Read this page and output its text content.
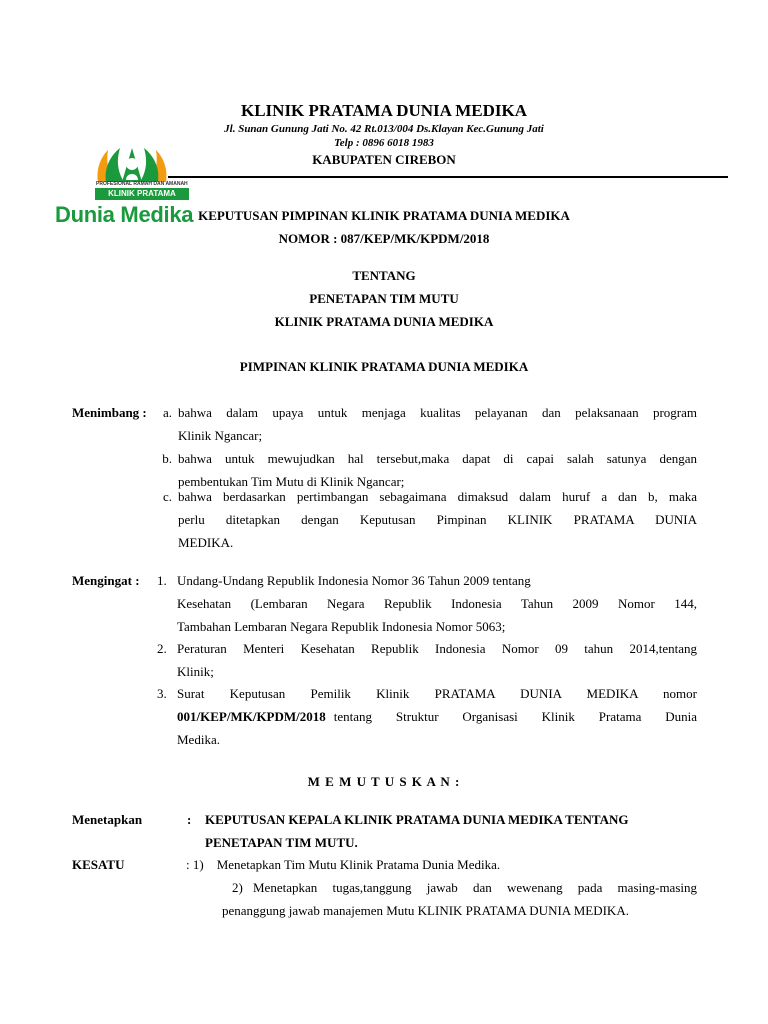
KLINIK PRATAMA DUNIA MEDIKA
Jl. Sunan Gunung Jati No. 42 Rt.013/004 Ds.Klayan Kec.Gunung Jati
Telp : 0896 6018 1983
KABUPATEN CIREBON
PROFESIONAL RAMAH DAN AMANAH
KLINIK PRATAMA
KEPUTUSAN PIMPINAN KLINIK PRATAMA DUNIA MEDIKA
Dunia Medika
NOMOR : 087/KEP/MK/KPDM/2018
TENTANG
PENETAPAN TIM MUTU
KLINIK PRATAMA DUNIA MEDIKA
PIMPINAN KLINIK PRATAMA DUNIA MEDIKA
Menimbang :	a. bahwa dalam upaya untuk menjaga kualitas pelayanan dan pelaksanaan program
Klinik Ngancar;
b. bahwa untuk mewujudkan hal tersebut,maka dapat di capai salah satunya dengan
pembentukan Tim Mutu di Klinik Ngancar;
c. bahwa berdasarkan pertimbangan sebagaimana dimaksud dalam huruf a dan b, maka
perlu ditetapkan dengan Keputusan Pimpinan KLINIK PRATAMA DUNIA
MEDIKA.
Mengingat : 1. Undang-Undang Republik Indonesia Nomor 36 Tahun 2009 tentang
Kesehatan (Lembaran Negara Republik Indonesia Tahun 2009 Nomor 144,
Tambahan Lembaran Negara Republik Indonesia Nomor 5063;
2. Peraturan Menteri Kesehatan Republik Indonesia Nomor 09 tahun 2014,tentang
Klinik;
3. Surat Keputusan Pemilik Klinik PRATAMA DUNIA MEDIKA nomor
001/KEP/MK/KPDM/2018 tentang Struktur Organisasi Klinik Pratama Dunia
Medika.
M E M U T U S K A N :
Menetapkan	: KEPUTUSAN KEPALA KLINIK PRATAMA DUNIA MEDIKA TENTANG
PENETAPAN TIM MUTU.
KESATU	: 1)    Menetapkan Tim Mutu Klinik Pratama Dunia Medika.
2) Menetapkan tugas,tanggung jawab dan wewenang pada masing-masing
penanggung jawab manajemen Mutu KLINIK PRATAMA DUNIA MEDIKA.
